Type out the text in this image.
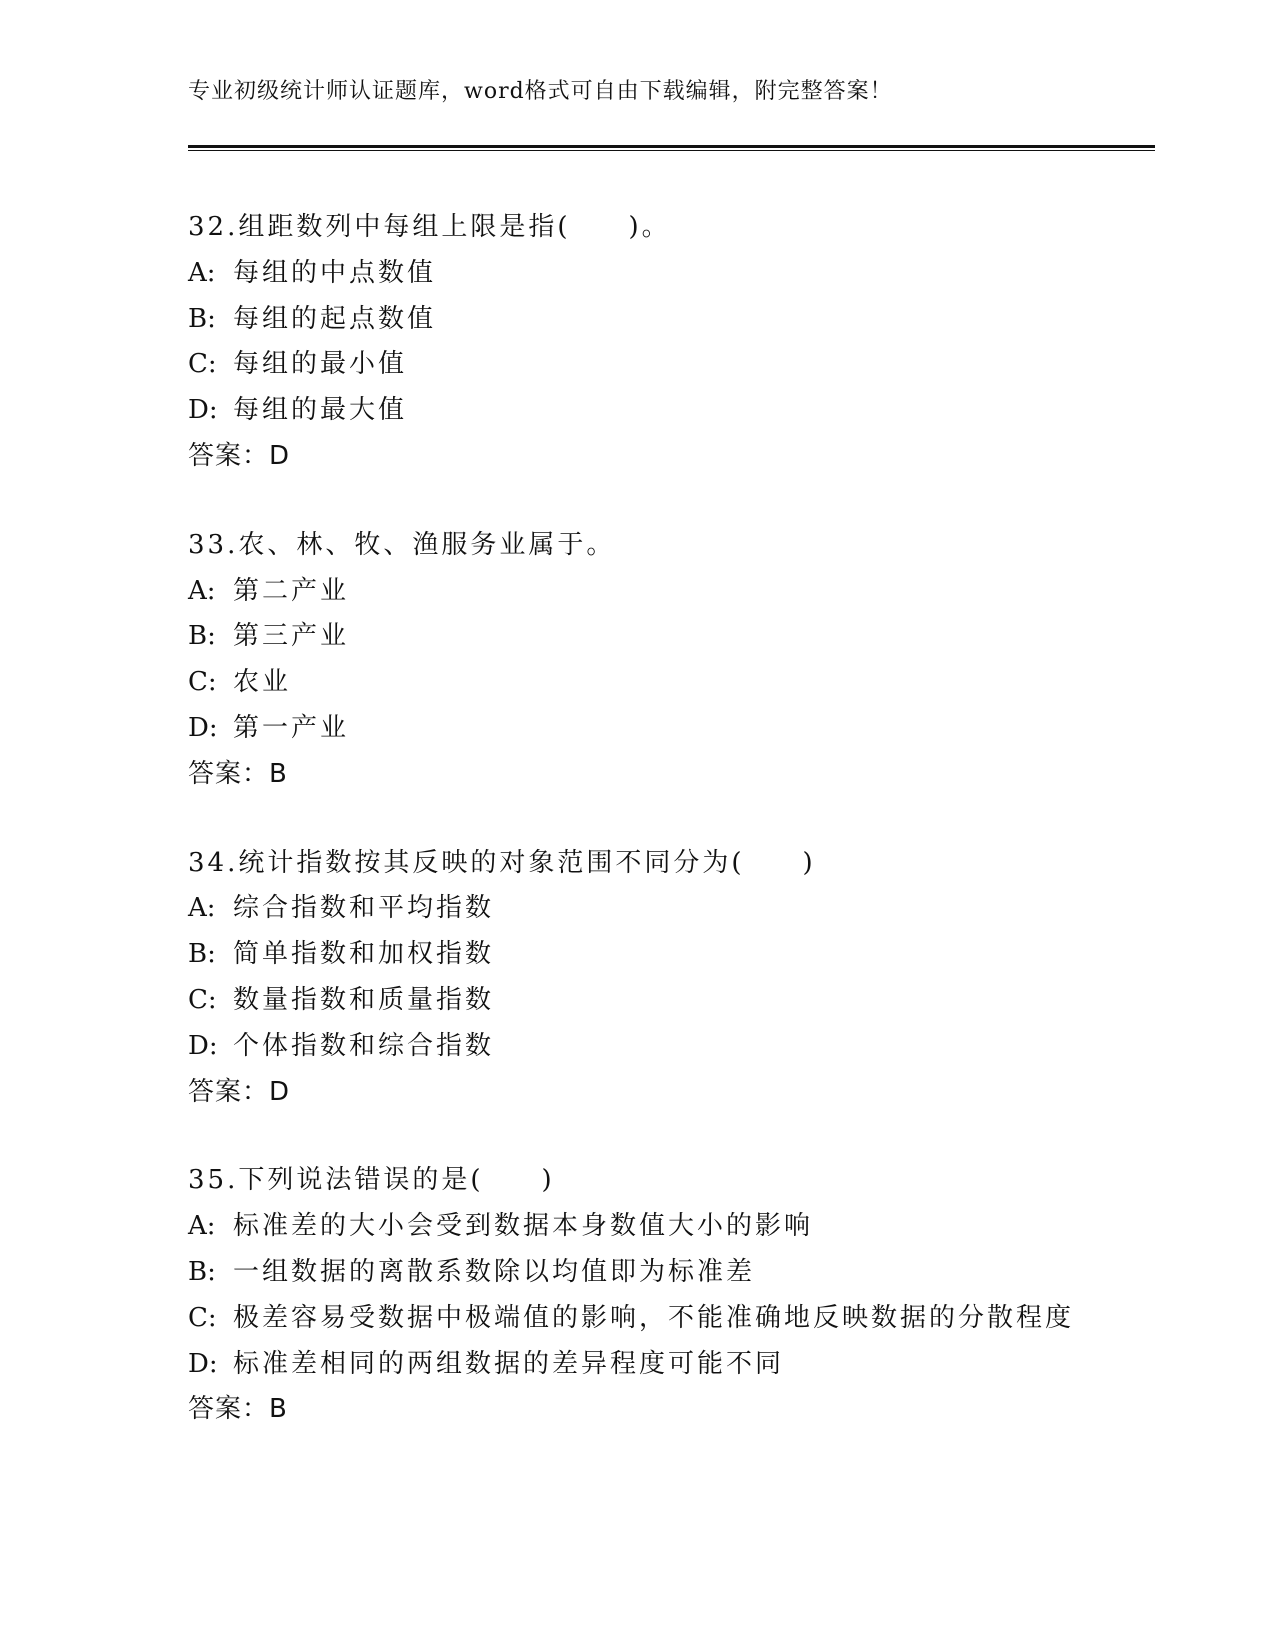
专业初级统计师认证题库，word格式可自由下载编辑，附完整答案！
32.组距数列中每组上限是指(　　)。
A: 每组的中点数值
B: 每组的起点数值
C: 每组的最小值
D: 每组的最大值
答案：D
33.农、林、牧、渔服务业属于。
A: 第二产业
B: 第三产业
C: 农业
D: 第一产业
答案：B
34.统计指数按其反映的对象范围不同分为(　　)
A: 综合指数和平均指数
B: 简单指数和加权指数
C: 数量指数和质量指数
D: 个体指数和综合指数
答案：D
35.下列说法错误的是(　　)
A: 标准差的大小会受到数据本身数值大小的影响
B: 一组数据的离散系数除以均值即为标准差
C: 极差容易受数据中极端值的影响，不能准确地反映数据的分散程度
D: 标准差相同的两组数据的差异程度可能不同
答案：B
